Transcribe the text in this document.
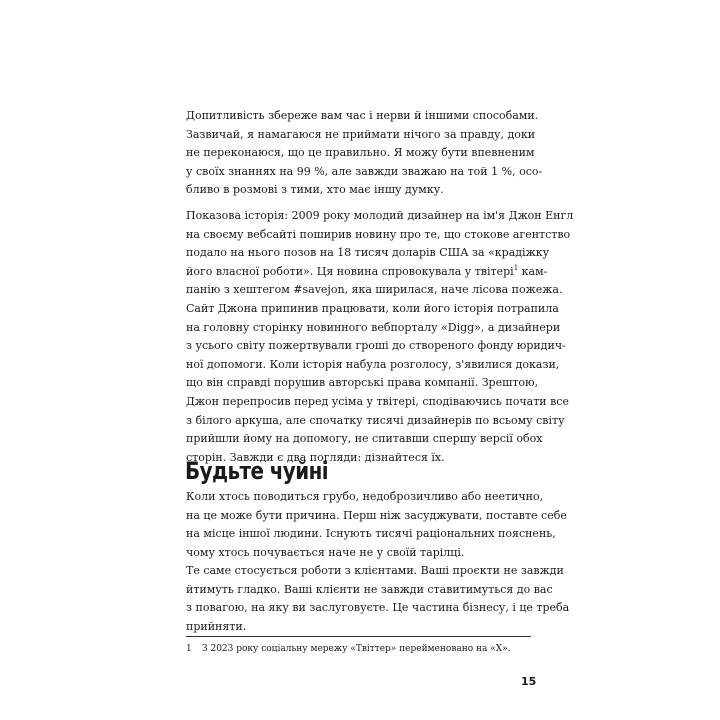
Допитливість збереже вам час і нерви й іншими способами.
Зазвичай, я намагаюся не приймати нічого за правду, доки
не переконаюся, що це правильно. Я можу бути впевненим
у своїх знаннях на 99 %, але завжди зважаю на той 1 %, осо-
бливо в розмові з тими, хто має іншу думку.

Показова історія: 2009 року молодий дизайнер на ім'я Джон Енгл
на своєму вебсайті поширив новину про те, що стокове агентство
подало на нього позов на 18 тисяч доларів США за «крадіжку
його власної роботи». Ця новина спровокувала у твітері$^1$ кам-
панію з хештегом #savejon, яка ширилася, наче лісова пожежа.
Сайт Джона припинив працювати, коли його історія потрапила
на головну сторінку новинного вебпорталу «Digg», а дизайнери
з усього світу пожертвували гроші до створеного фонду юридич-
ної допомоги. Коли історія набула розголосу, з'явилися докази,
що він справді порушив авторські права компанії. Зрештою,
Джон перепросив перед усіма у твітері, сподіваючись почати все
з білого аркуша, але спочатку тисячі дизайнерів по всьому світу
прийшли йому на допомогу, не спитавши спершу версії обох
сторін. Завжди є два погляди: дізнайтеся їх.

Будьте чуйні

Коли хтось поводиться грубо, недоброзичливо або неетично,
на це може бути причина. Перш ніж засуджувати, поставте себе
на місце іншої людини. Існують тисячі раціональних пояснень,
чому хтось почувається наче не у своїй тарілці.

Те саме стосується роботи з клієнтами. Ваші проєкти не завжди
йтимуть гладко. Ваші клієнти не завжди ставитимуться до вас
з повагою, на яку ви заслуговуєте. Це частина бізнесу, і це треба
прийняти.

1 З 2023 року соціальну мережу «Твіттер» перейменовано на «Х».
15
